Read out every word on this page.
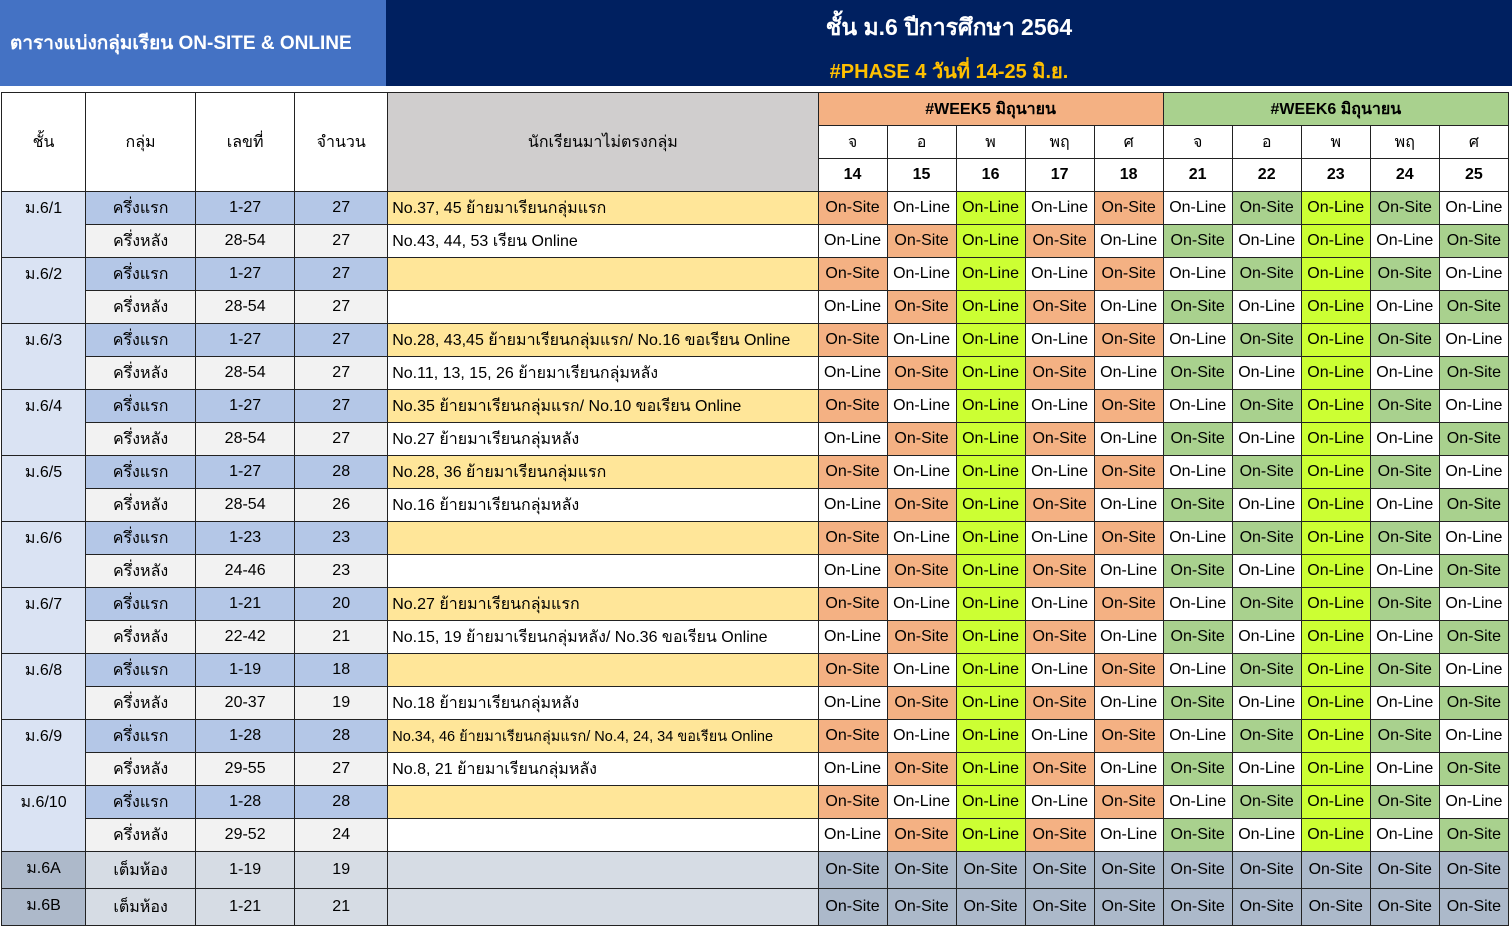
ตารางแบ่งกลุ่มเรียน ON-SITE & ONLINE
ชั้น ม.6 ปีการศึกษา 2564
#PHASE 4 วันที่ 14-25 มิ.ย.
ชั้น	กลุ่ม	เลขที่	จำนวน	นักเรียนมาไม่ตรงกลุ่ม	#WEEK5 มิถุนายน					#WEEK6 มิถุนายน				
					จ	อ	พ	พฤ	ศ	จ	อ	พ	พฤ	ศ
					14	15	16	17	18	21	22	23	24	25
ม.6/1	ครึ่งแรก	1-27	27	No.37, 45 ย้ายมาเรียนกลุ่มแรก	On-Site	On-Line	On-Line	On-Line	On-Site	On-Line	On-Site	On-Line	On-Site	On-Line
	ครึ่งหลัง	28-54	27	No.43, 44, 53 เรียน Online	On-Line	On-Site	On-Line	On-Site	On-Line	On-Site	On-Line	On-Line	On-Line	On-Site
ม.6/2	ครึ่งแรก	1-27	27		On-Site	On-Line	On-Line	On-Line	On-Site	On-Line	On-Site	On-Line	On-Site	On-Line
	ครึ่งหลัง	28-54	27		On-Line	On-Site	On-Line	On-Site	On-Line	On-Site	On-Line	On-Line	On-Line	On-Site
ม.6/3	ครึ่งแรก	1-27	27	No.28, 43,45 ย้ายมาเรียนกลุ่มแรก/ No.16 ขอเรียน Online	On-Site	On-Line	On-Line	On-Line	On-Site	On-Line	On-Site	On-Line	On-Site	On-Line
	ครึ่งหลัง	28-54	27	No.11, 13, 15, 26 ย้ายมาเรียนกลุ่มหลัง	On-Line	On-Site	On-Line	On-Site	On-Line	On-Site	On-Line	On-Line	On-Line	On-Site
ม.6/4	ครึ่งแรก	1-27	27	No.35 ย้ายมาเรียนกลุ่มแรก/ No.10 ขอเรียน Online	On-Site	On-Line	On-Line	On-Line	On-Site	On-Line	On-Site	On-Line	On-Site	On-Line
	ครึ่งหลัง	28-54	27	No.27 ย้ายมาเรียนกลุ่มหลัง	On-Line	On-Site	On-Line	On-Site	On-Line	On-Site	On-Line	On-Line	On-Line	On-Site
ม.6/5	ครึ่งแรก	1-27	28	No.28, 36 ย้ายมาเรียนกลุ่มแรก	On-Site	On-Line	On-Line	On-Line	On-Site	On-Line	On-Site	On-Line	On-Site	On-Line
	ครึ่งหลัง	28-54	26	No.16 ย้ายมาเรียนกลุ่มหลัง	On-Line	On-Site	On-Line	On-Site	On-Line	On-Site	On-Line	On-Line	On-Line	On-Site
ม.6/6	ครึ่งแรก	1-23	23		On-Site	On-Line	On-Line	On-Line	On-Site	On-Line	On-Site	On-Line	On-Site	On-Line
	ครึ่งหลัง	24-46	23		On-Line	On-Site	On-Line	On-Site	On-Line	On-Site	On-Line	On-Line	On-Line	On-Site
ม.6/7	ครึ่งแรก	1-21	20	No.27 ย้ายมาเรียนกลุ่มแรก	On-Site	On-Line	On-Line	On-Line	On-Site	On-Line	On-Site	On-Line	On-Site	On-Line
	ครึ่งหลัง	22-42	21	No.15, 19 ย้ายมาเรียนกลุ่มหลัง/ No.36 ขอเรียน Online	On-Line	On-Site	On-Line	On-Site	On-Line	On-Site	On-Line	On-Line	On-Line	On-Site
ม.6/8	ครึ่งแรก	1-19	18		On-Site	On-Line	On-Line	On-Line	On-Site	On-Line	On-Site	On-Line	On-Site	On-Line
	ครึ่งหลัง	20-37	19	No.18 ย้ายมาเรียนกลุ่มหลัง	On-Line	On-Site	On-Line	On-Site	On-Line	On-Site	On-Line	On-Line	On-Line	On-Site
ม.6/9	ครึ่งแรก	1-28	28	No.34, 46 ย้ายมาเรียนกลุ่มแรก/ No.4, 24, 34 ขอเรียน Online	On-Site	On-Line	On-Line	On-Line	On-Site	On-Line	On-Site	On-Line	On-Site	On-Line
	ครึ่งหลัง	29-55	27	No.8, 21 ย้ายมาเรียนกลุ่มหลัง	On-Line	On-Site	On-Line	On-Site	On-Line	On-Site	On-Line	On-Line	On-Line	On-Site
ม.6/10	ครึ่งแรก	1-28	28		On-Site	On-Line	On-Line	On-Line	On-Site	On-Line	On-Site	On-Line	On-Site	On-Line
	ครึ่งหลัง	29-52	24		On-Line	On-Site	On-Line	On-Site	On-Line	On-Site	On-Line	On-Line	On-Line	On-Site
ม.6A	เต็มห้อง	1-19	19		On-Site	On-Site	On-Site	On-Site	On-Site	On-Site	On-Site	On-Site	On-Site	On-Site
ม.6B	เต็มห้อง	1-21	21		On-Site	On-Site	On-Site	On-Site	On-Site	On-Site	On-Site	On-Site	On-Site	On-Site
